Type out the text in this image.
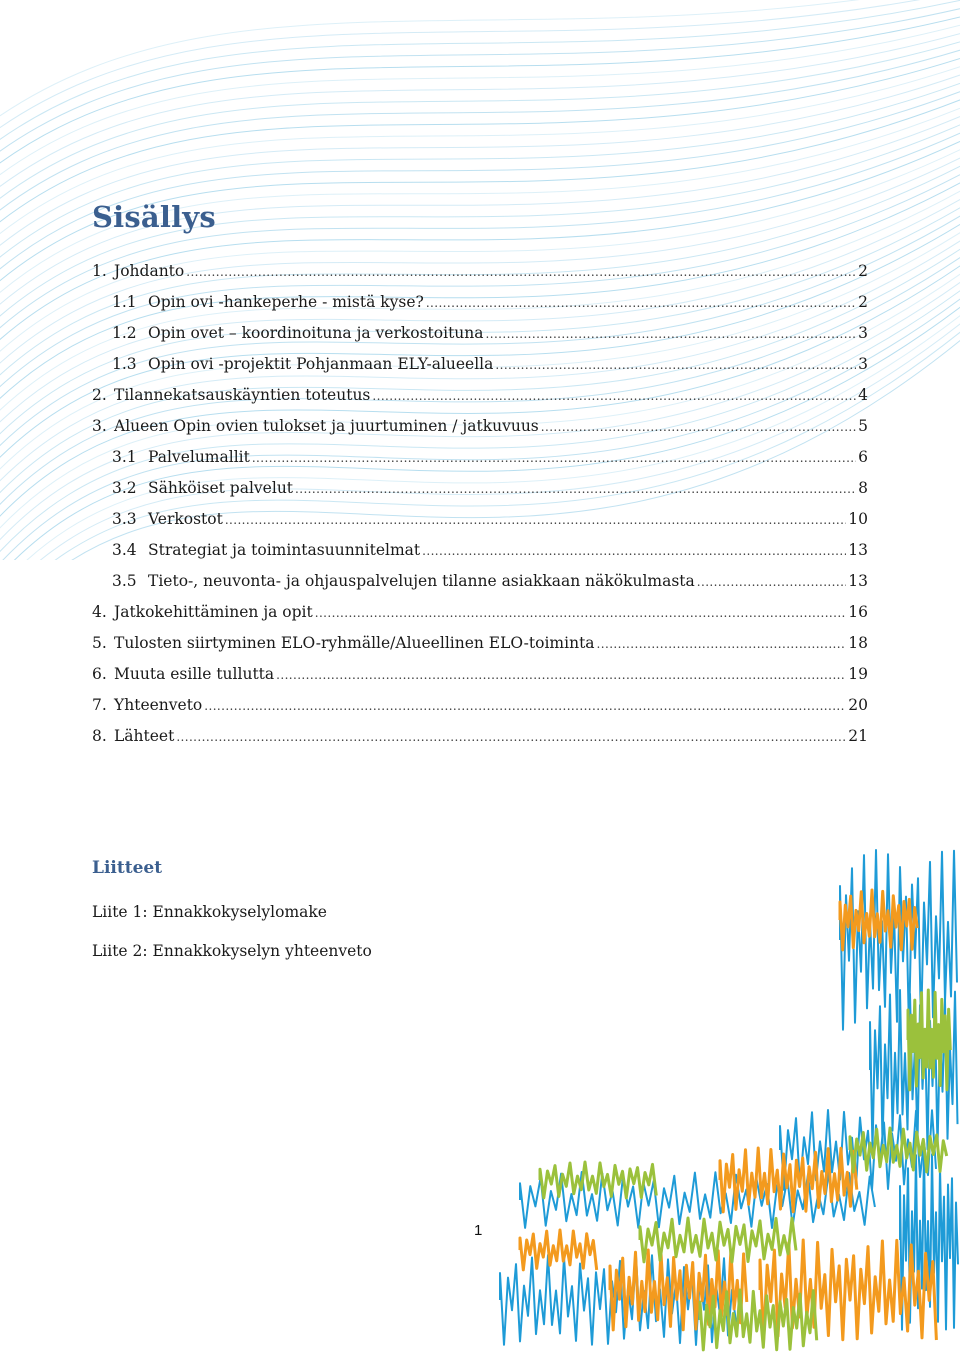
Sisällys
1. Johdanto .....	2
1.1 Opin ovi -hankeperhe - mistä kyse? .....	2
1.2 Opin ovet – koordinoituna ja verkostoituna .....	3
1.3 Opin ovi -projektit Pohjanmaan ELY-alueella .....	3
2. Tilannekatsauskäyntien toteutus .....	4
3. Alueen Opin ovien tulokset ja juurtuminen / jatkuvuus .....	5
3.1 Palvelumallit .....	6
3.2 Sähköiset palvelut .....	8
3.3 Verkostot .....	10
3.4 Strategiat ja toimintasuunnitelmat .....	13
3.5 Tieto-, neuvonta- ja ohjauspalvelujen tilanne asiakkaan näkökulmasta .....	13
4. Jatkokehittäminen ja opit .....	16
5. Tulosten siirtyminen ELO-ryhmälle/Alueellinen ELO-toiminta .....	18
6. Muuta esille tullutta .....	19
7. Yhteenveto .....	20
8. Lähteet .....	21
Liitteet

Liite 1: Ennakkokyselylomake

Liite 2: Ennakkokyselyn yhteenveto

1
